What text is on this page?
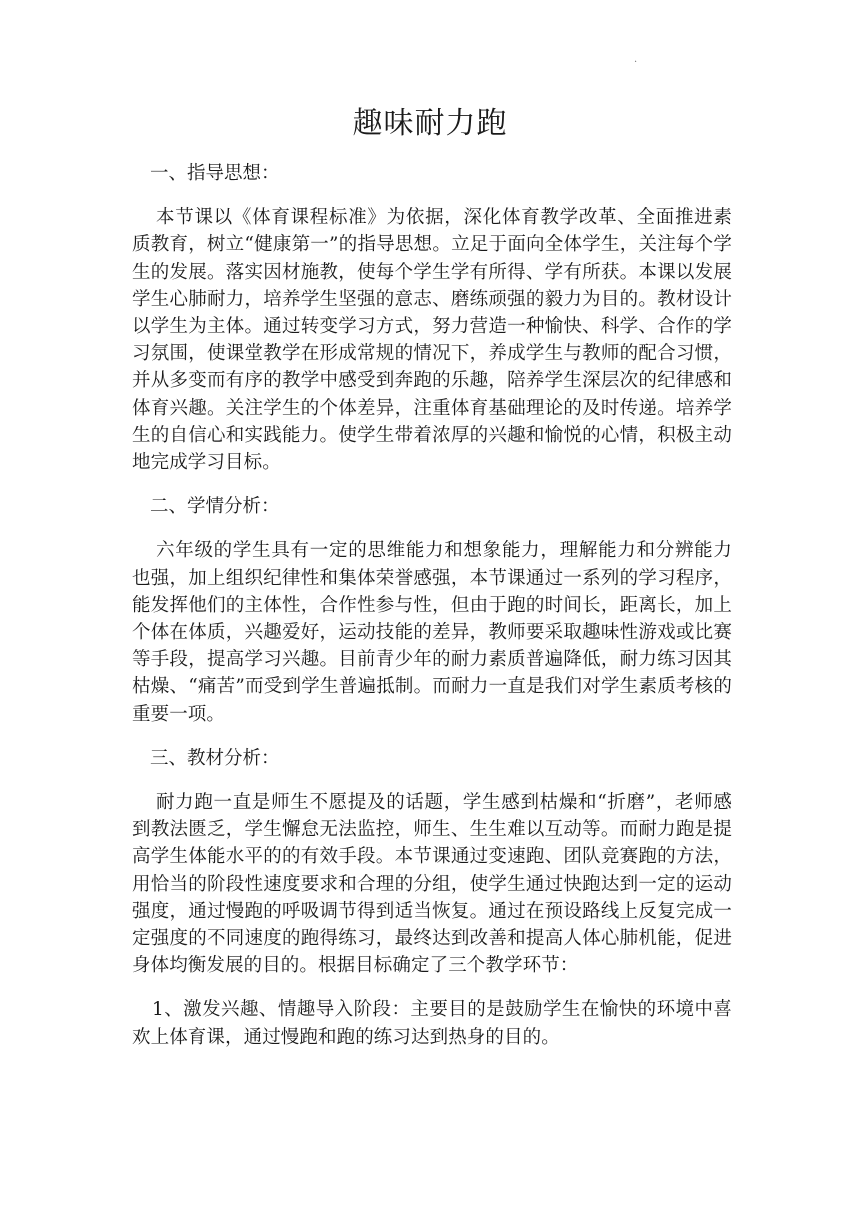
.
趣味耐力跑

一、指导思想：

本节课以《体育课程标准》为依据，深化体育教学改革、全面推进素质教育，树立“健康第一”的指导思想。立足于面向全体学生，关注每个学生的发展。落实因材施教，使每个学生学有所得、学有所获。本课以发展学生心肺耐力，培养学生坚强的意志、磨练顽强的毅力为目的。教材设计以学生为主体。通过转变学习方式，努力营造一种愉快、科学、合作的学习氛围，使课堂教学在形成常规的情况下，养成学生与教师的配合习惯，并从多变而有序的教学中感受到奔跑的乐趣，陪养学生深层次的纪律感和体育兴趣。关注学生的个体差异，注重体育基础理论的及时传递。培养学生的自信心和实践能力。使学生带着浓厚的兴趣和愉悦的心情，积极主动地完成学习目标。

二、学情分析：

六年级的学生具有一定的思维能力和想象能力，理解能力和分辨能力也强，加上组织纪律性和集体荣誉感强，本节课通过一系列的学习程序，能发挥他们的主体性，合作性参与性，但由于跑的时间长，距离长，加上个体在体质，兴趣爱好，运动技能的差异，教师要采取趣味性游戏或比赛等手段，提高学习兴趣。目前青少年的耐力素质普遍降低，耐力练习因其枯燥、“痛苦”而受到学生普遍抵制。而耐力一直是我们对学生素质考核的重要一项。

三、教材分析：

耐力跑一直是师生不愿提及的话题，学生感到枯燥和“折磨”，老师感到教法匮乏，学生懈怠无法监控，师生、生生难以互动等。而耐力跑是提高学生体能水平的的有效手段。本节课通过变速跑、团队竞赛跑的方法，用恰当的阶段性速度要求和合理的分组，使学生通过快跑达到一定的运动强度，通过慢跑的呼吸调节得到适当恢复。通过在预设路线上反复完成一定强度的不同速度的跑得练习，最终达到改善和提高人体心肺机能，促进身体均衡发展的目的。根据目标确定了三个教学环节：

1、激发兴趣、情趣导入阶段：主要目的是鼓励学生在愉快的环境中喜欢上体育课，通过慢跑和跑的练习达到热身的目的。
